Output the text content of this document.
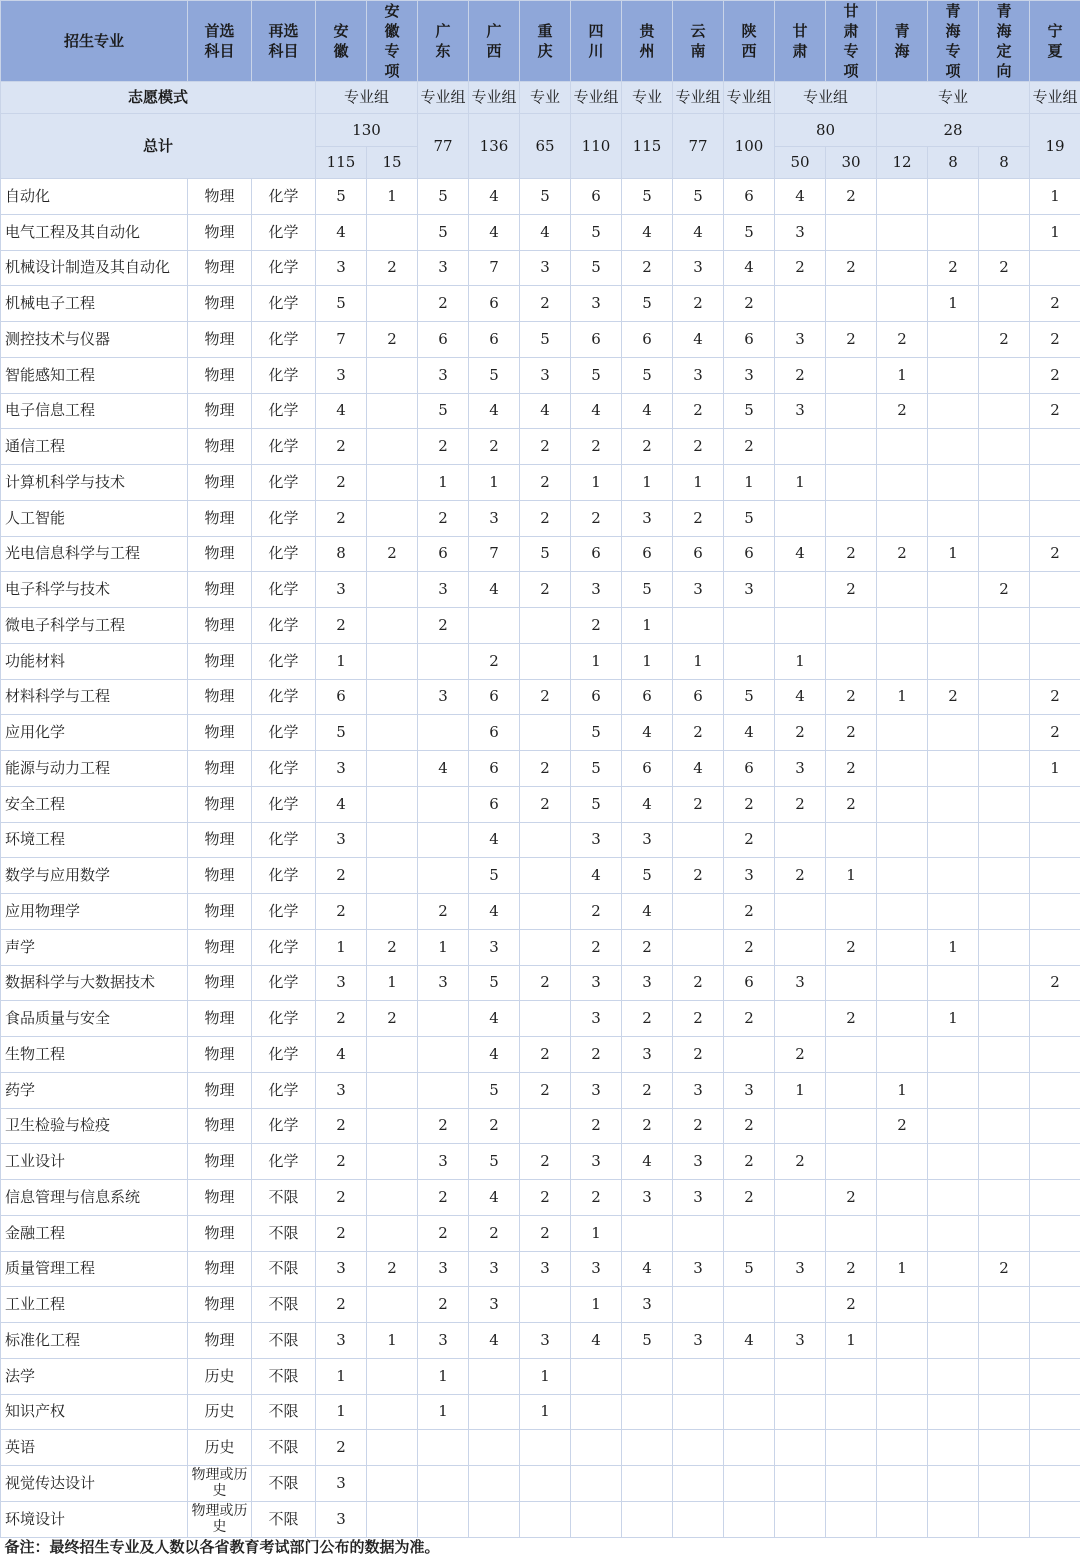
招生专业	首选科目	再选科目	安徽	安徽专项	广东	广西	重庆	四川	贵州	云南	陕西	甘肃	甘肃专项	青海	青海专项	青海定向	宁夏
志愿模式			专业组		专业组	专业组	专业	专业组	专业	专业组	专业组	专业组		专业			专业组
总计			130		77	136	65	110	115	77	100	80		28			19
			115	15								50	30	12	8	8	
自动化	物理	化学	5	1	5	4	5	6	5	5	6	4	2				1
电气工程及其自动化	物理	化学	4		5	4	4	5	4	4	5	3					1
机械设计制造及其自动化	物理	化学	3	2	3	7	3	5	2	3	4	2	2		2	2	
机械电子工程	物理	化学	5		2	6	2	3	5	2	2				1		2
测控技术与仪器	物理	化学	7	2	6	6	5	6	6	4	6	3	2	2		2	2
智能感知工程	物理	化学	3		3	5	3	5	5	3	3	2		1			2
电子信息工程	物理	化学	4		5	4	4	4	4	2	5	3		2			2
通信工程	物理	化学	2		2	2	2	2	2	2	2						
计算机科学与技术	物理	化学	2		1	1	2	1	1	1	1	1					
人工智能	物理	化学	2		2	3	2	2	3	2	5						
光电信息科学与工程	物理	化学	8	2	6	7	5	6	6	6	6	4	2	2	1		2
电子科学与技术	物理	化学	3		3	4	2	3	5	3	3		2			2	
微电子科学与工程	物理	化学	2		2			2	1								
功能材料	物理	化学	1			2		1	1	1		1					
材料科学与工程	物理	化学	6		3	6	2	6	6	6	5	4	2	1	2		2
应用化学	物理	化学	5			6		5	4	2	4	2	2				2
能源与动力工程	物理	化学	3		4	6	2	5	6	4	6	3	2				1
安全工程	物理	化学	4			6	2	5	4	2	2	2	2				
环境工程	物理	化学	3			4		3	3		2						
数学与应用数学	物理	化学	2			5		4	5	2	3	2	1				
应用物理学	物理	化学	2		2	4		2	4		2						
声学	物理	化学	1	2	1	3		2	2		2		2		1		
数据科学与大数据技术	物理	化学	3	1	3	5	2	3	3	2	6	3					2
食品质量与安全	物理	化学	2	2		4		3	2	2	2		2		1		
生物工程	物理	化学	4			4	2	2	3	2		2					
药学	物理	化学	3			5	2	3	2	3	3	1		1			
卫生检验与检疫	物理	化学	2		2	2		2	2	2	2			2			
工业设计	物理	化学	2		3	5	2	3	4	3	2	2					
信息管理与信息系统	物理	不限	2		2	4	2	2	3	3	2		2				
金融工程	物理	不限	2		2	2	2	1									
质量管理工程	物理	不限	3	2	3	3	3	3	4	3	5	3	2	1		2	
工业工程	物理	不限	2		2	3		1	3				2				
标准化工程	物理	不限	3	1	3	4	3	4	5	3	4	3	1				
法学	历史	不限	1		1		1										
知识产权	历史	不限	1		1		1										
英语	历史	不限	2														
视觉传达设计	物理或历史	不限	3														
环境设计	物理或历史	不限	3														
备注：最终招生专业及人数以各省教育考试部门公布的数据为准。																	
